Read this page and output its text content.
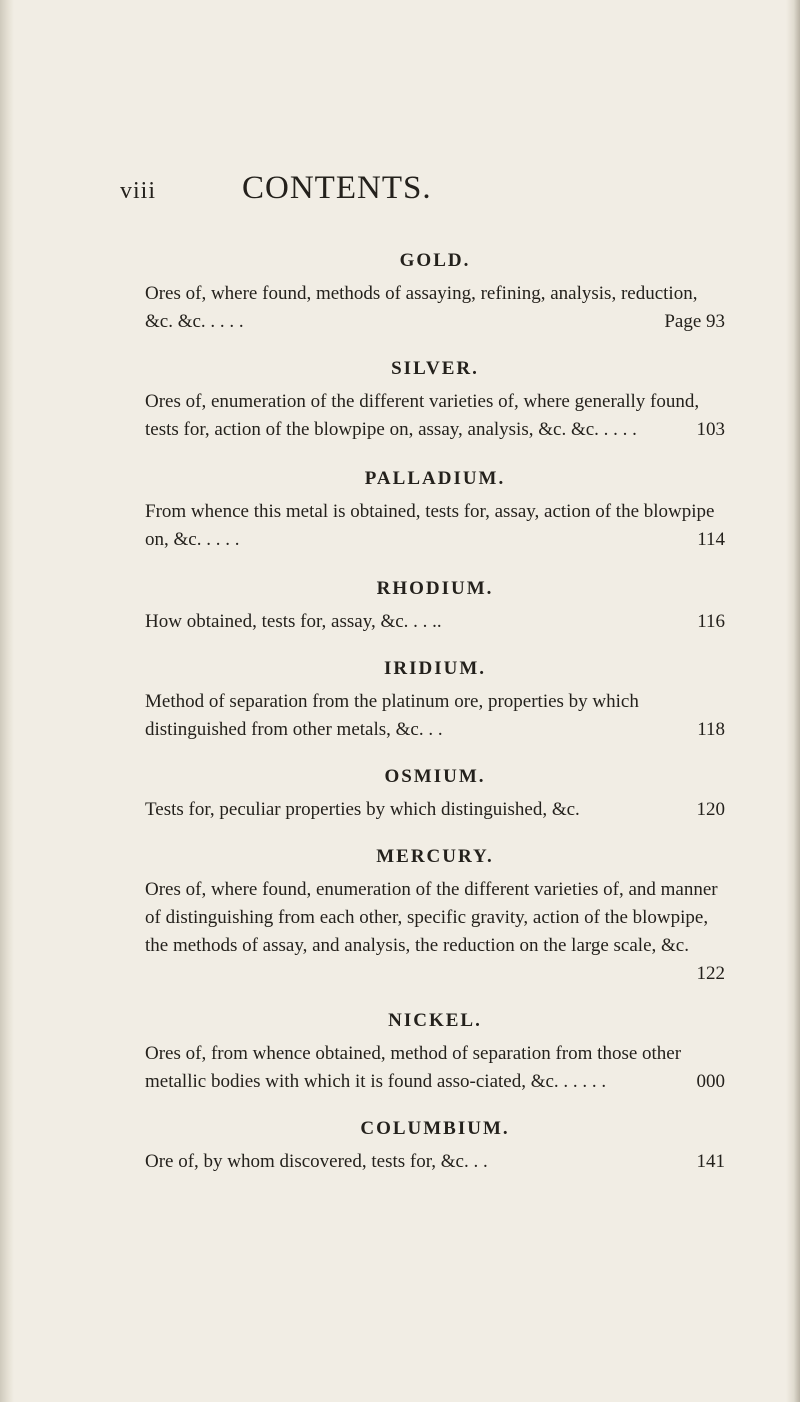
viii	CONTENTS.
GOLD.
Ores of, where found, methods of assaying, refining, analysis, reduction, &c. &c. . . . .	Page 93
SILVER.
Ores of, enumeration of the different varieties of, where generally found, tests for, action of the blowpipe on, assay, analysis, &c. &c. . . . .	103
PALLADIUM.
From whence this metal is obtained, tests for, assay, action of the blowpipe on, &c. . . . .	114
RHODIUM.
How obtained, tests for, assay, &c. . . ..	116
IRIDIUM.
Method of separation from the platinum ore, properties by which distinguished from other metals, &c. . .	118
OSMIUM.
Tests for, peculiar properties by which distinguished, &c.	120
MERCURY.
Ores of, where found, enumeration of the different varieties of, and manner of distinguishing from each other, specific gravity, action of the blowpipe, the methods of assay, and analysis, the reduction on the large scale, &c.
122
NICKEL.
Ores of, from whence obtained, method of separation from those other metallic bodies with which it is found asso-ciated, &c. . . . . .	000
COLUMBIUM.
Ore of, by whom discovered, tests for, &c. . .	141
